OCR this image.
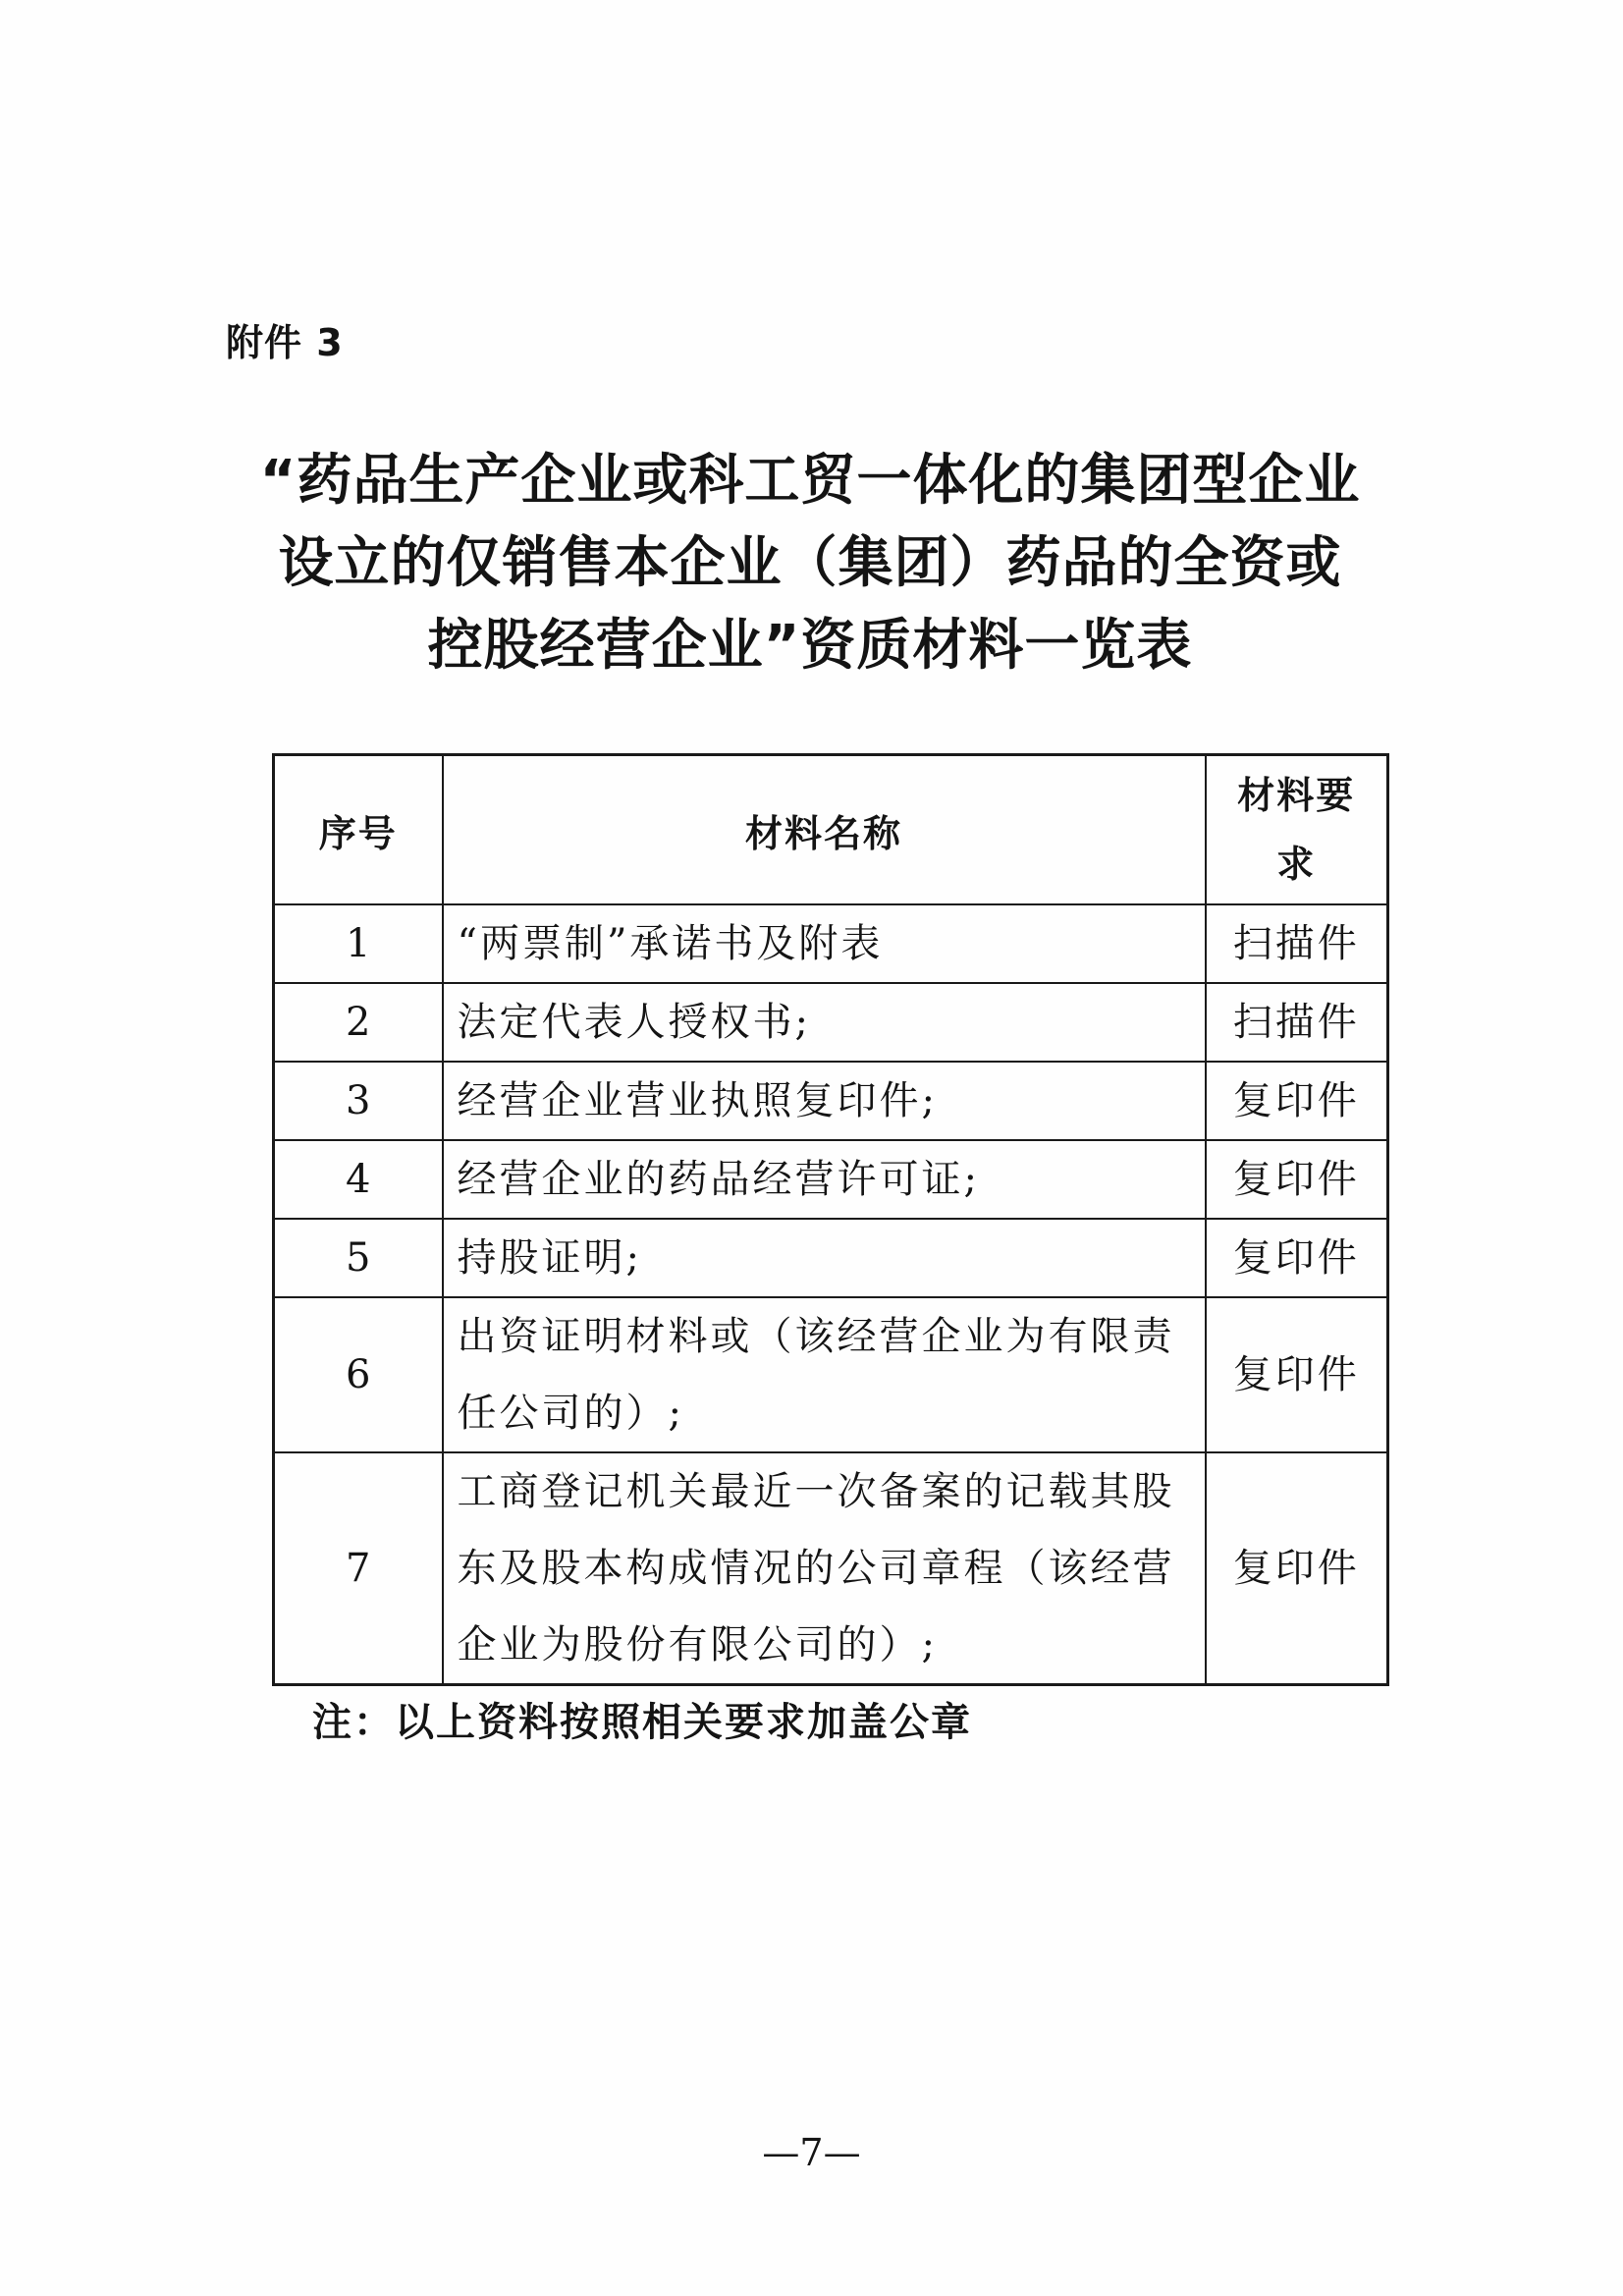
附件 3
“药品生产企业或科工贸一体化的集团型企业
设立的仅销售本企业（集团）药品的全资或
控股经营企业”资质材料一览表
序号	材料名称	材料要求
1	“两票制”承诺书及附表	扫描件
2	法定代表人授权书;	扫描件
3	经营企业营业执照复印件;	复印件
4	经营企业的药品经营许可证;	复印件
5	持股证明;	复印件
6	出资证明材料或（该经营企业为有限责任公司的）;	复印件
7	工商登记机关最近一次备案的记载其股东及股本构成情况的公司章程（该经营企业为股份有限公司的）;	复印件
注：以上资料按照相关要求加盖公章
—7—
